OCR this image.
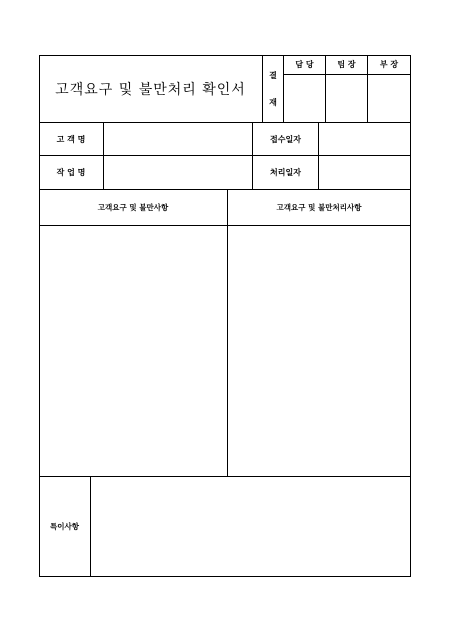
고객요구 및 불만처리 확인서
결
재
담 당	팀 장	부 장
고 객 명	접수일자
작 업 명	처리일자
고객요구 및 불만사항	고객요구 및 불만처리사항
특이사항
